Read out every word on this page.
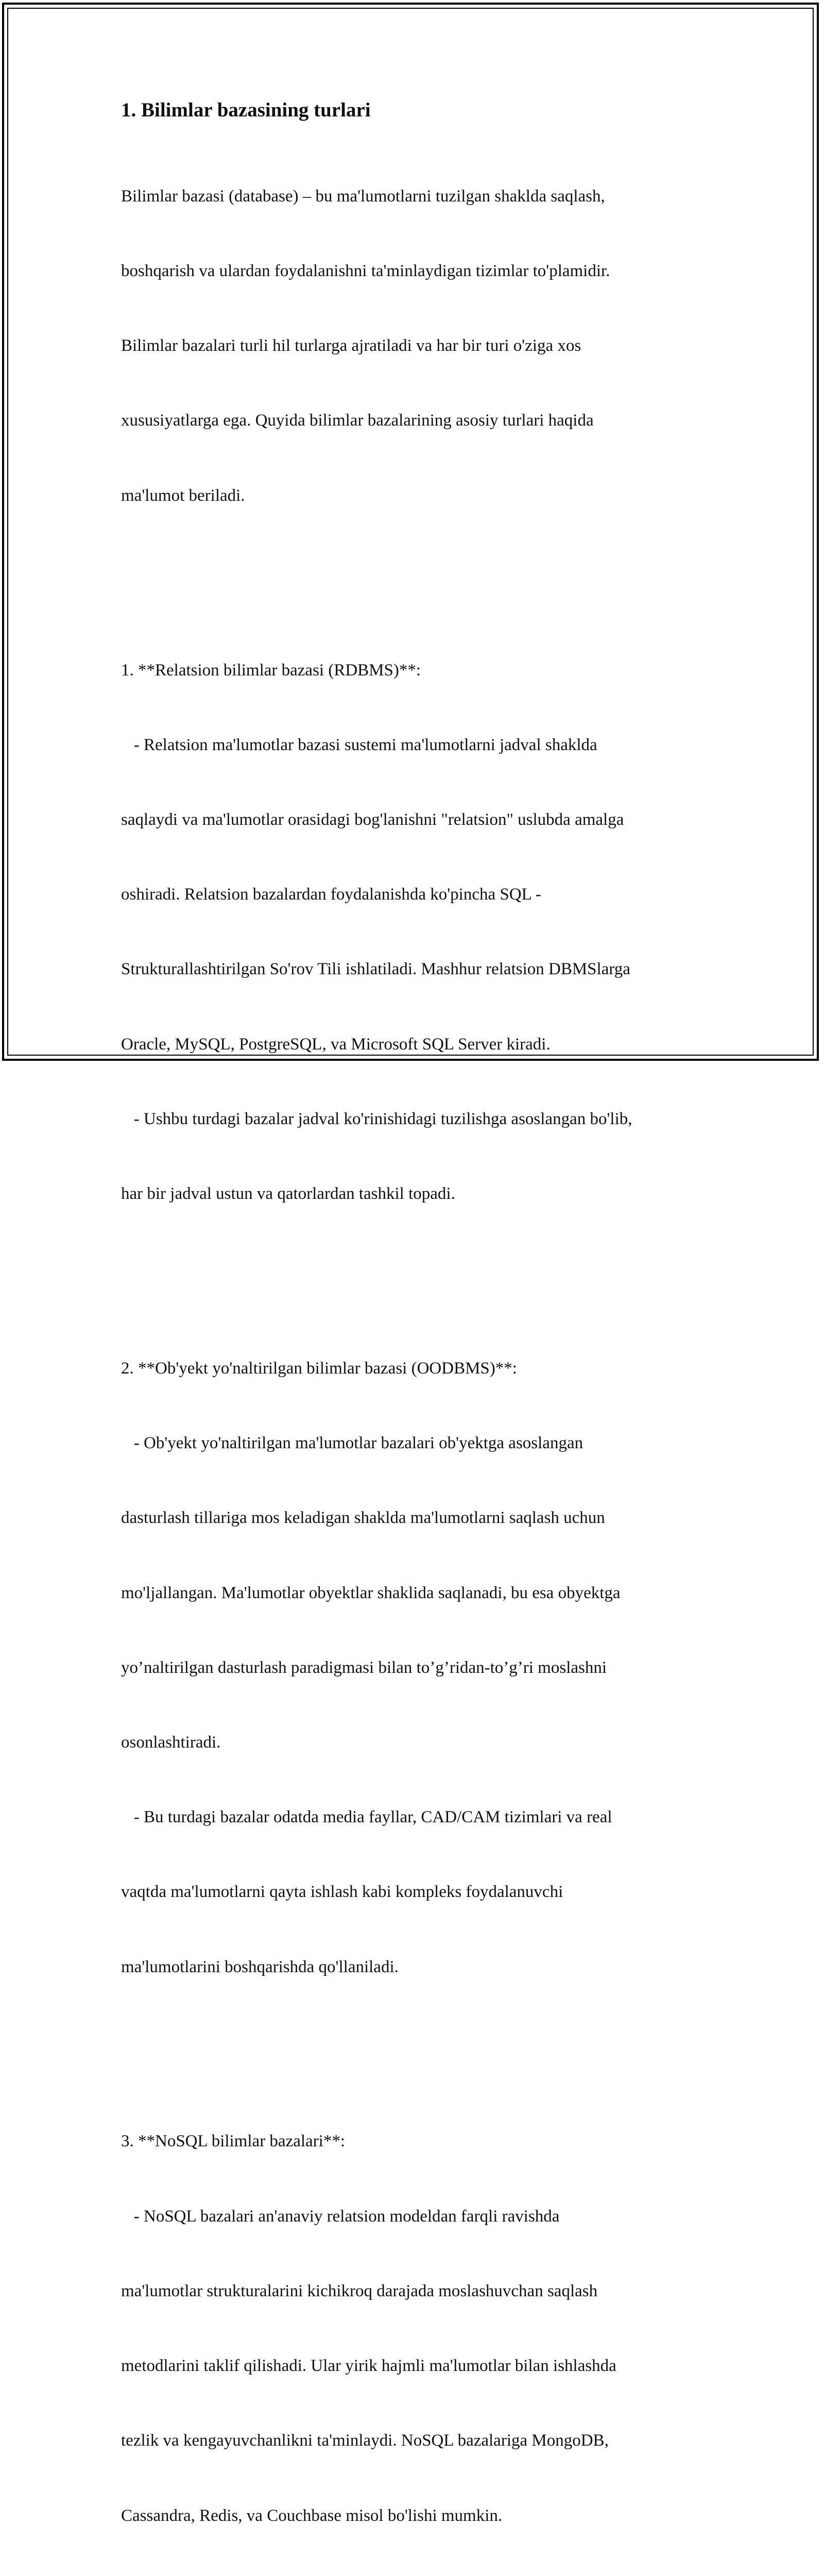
1. Bilimlar bazasining turlari

Bilimlar bazasi (database) – bu ma'lumotlarni tuzilgan shaklda saqlash,

boshqarish va ulardan foydalanishni ta'minlaydigan tizimlar to'plamidir.

Bilimlar bazalari turli hil turlarga ajratiladi va har bir turi o'ziga xos

xususiyatlarga ega. Quyida bilimlar bazalarining asosiy turlari haqida

ma'lumot beriladi.

1. **Relatsion bilimlar bazasi (RDBMS)**:

- Relatsion ma'lumotlar bazasi sustemi ma'lumotlarni jadval shaklda

saqlaydi va ma'lumotlar orasidagi bog'lanishni "relatsion" uslubda amalga

oshiradi. Relatsion bazalardan foydalanishda ko'pincha SQL -

Strukturallashtirilgan So'rov Tili ishlatiladi. Mashhur relatsion DBMSlarga

Oracle, MySQL, PostgreSQL, va Microsoft SQL Server kiradi.

- Ushbu turdagi bazalar jadval ko'rinishidagi tuzilishga asoslangan bo'lib,

har bir jadval ustun va qatorlardan tashkil topadi.

2. **Ob'yekt yo'naltirilgan bilimlar bazasi (OODBMS)**:

- Ob'yekt yo'naltirilgan ma'lumotlar bazalari ob'yektga asoslangan

dasturlash tillariga mos keladigan shaklda ma'lumotlarni saqlash uchun

mo'ljallangan. Ma'lumotlar obyektlar shaklida saqlanadi, bu esa obyektga

yo’naltirilgan dasturlash paradigmasi bilan to’g’ridan-to’g’ri moslashni

osonlashtiradi.

- Bu turdagi bazalar odatda media fayllar, CAD/CAM tizimlari va real

vaqtda ma'lumotlarni qayta ishlash kabi kompleks foydalanuvchi

ma'lumotlarini boshqarishda qo'llaniladi.

3. **NoSQL bilimlar bazalari**:

- NoSQL bazalari an'anaviy relatsion modeldan farqli ravishda

ma'lumotlar strukturalarini kichikroq darajada moslashuvchan saqlash

metodlarini taklif qilishadi. Ular yirik hajmli ma'lumotlar bilan ishlashda

tezlik va kengayuvchanlikni ta'minlaydi. NoSQL bazalariga MongoDB,

Cassandra, Redis, va Couchbase misol bo'lishi mumkin.
